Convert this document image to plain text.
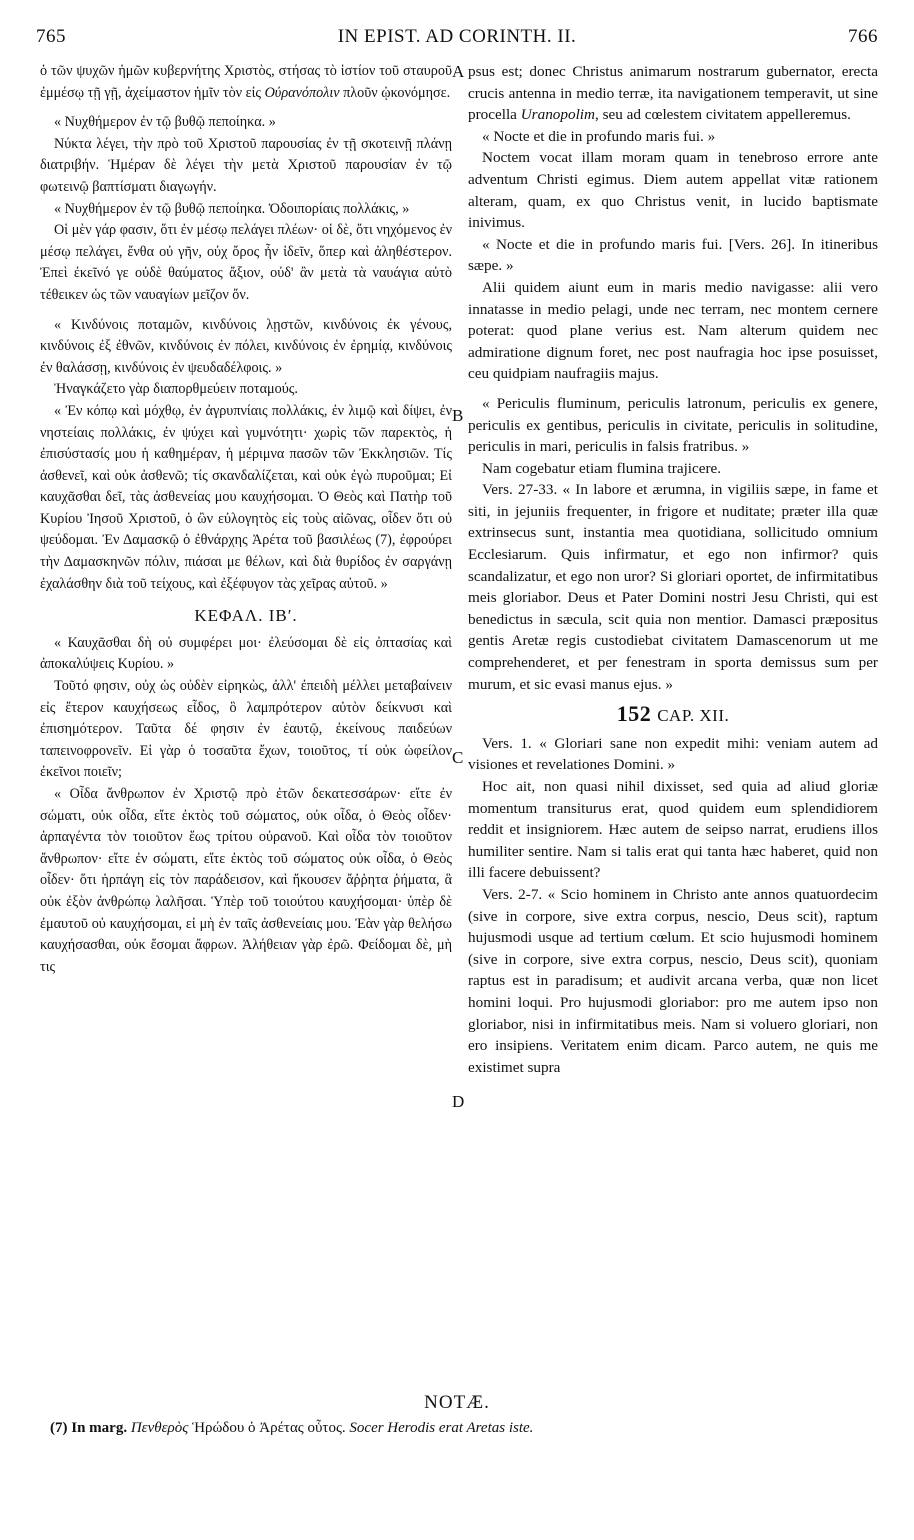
765	IN EPIST. AD CORINTH. II.	766

ὁ τῶν ψυχῶν ἡμῶν κυβερνήτης Χριστὸς, στήσας τὸ ἱστίον τοῦ σταυροῦ ἐμμέσῳ τῇ γῇ, ἀχείμαστον ἡμῖν τὸν εἰς Οὐρανόπολιν πλοῦν ᾠκονόμησε.

« Νυχθήμερον ἐν τῷ βυθῷ πεποίηκα. »

Νύκτα λέγει, τὴν πρὸ τοῦ Χριστοῦ παρουσίας ἐν τῇ σκοτεινῇ πλάνῃ διατριβήν. Ἡμέραν δὲ λέγει τὴν μετὰ Χριστοῦ παρουσίαν ἐν τῷ φωτεινῷ βαπτίσματι διαγωγήν.

« Νυχθήμερον ἐν τῷ βυθῷ πεποίηκα. Ὁδοιπορίαις πολλάκις, »

Οἱ μὲν γάρ φασιν, ὅτι ἐν μέσῳ πελάγει πλέων· οἱ δὲ, ὅτι νηχόμενος ἐν μέσῳ πελάγει, ἔνθα οὐ γῆν, οὐχ ὄρος ἦν ἰδεῖν, ὅπερ καὶ ἀληθέστερον. Ἐπεὶ ἐκεῖνό γε οὐδὲ θαύματος ἄξιον, οὐδ' ἂν μετὰ τὰ ναυάγια αὐτὸ τέθεικεν ὡς τῶν ναυαγίων μεῖζον ὄν.

« Κινδύνοις ποταμῶν, κινδύνοις λῃστῶν, κινδύνοις ἐκ γένους, κινδύνοις ἐξ ἐθνῶν, κινδύνοις ἐν πόλει, κινδύνοις ἐν ἐρημίᾳ, κινδύνοις ἐν θαλάσσῃ, κινδύνοις ἐν ψευδαδέλφοις. »

Ἠναγκάζετο γὰρ διαπορθμεύειν ποταμούς.

« Ἐν κόπῳ καὶ μόχθῳ, ἐν ἀγρυπνίαις πολλάκις, ἐν λιμῷ καὶ δίψει, ἐν νηστείαις πολλάκις, ἐν ψύχει καὶ γυμνότητι· χωρὶς τῶν παρεκτὸς, ἡ ἐπισύστασίς μου ἡ καθημέραν, ἡ μέριμνα πασῶν τῶν Ἐκκλησιῶν. Τίς ἀσθενεῖ, καὶ οὐκ ἀσθενῶ; τίς σκανδαλίζεται, καὶ οὐκ ἐγὼ πυροῦμαι; Εἰ καυχᾶσθαι δεῖ, τὰς ἀσθενείας μου καυχήσομαι. Ὁ Θεὸς καὶ Πατὴρ τοῦ Κυρίου Ἰησοῦ Χριστοῦ, ὁ ὢν εὐλογητὸς εἰς τοὺς αἰῶνας, οἶδεν ὅτι οὐ ψεύδομαι. Ἐν Δαμασκῷ ὁ ἐθνάρχης Ἀρέτα τοῦ βασιλέως (7), ἐφρούρει τὴν Δαμασκηνῶν πόλιν, πιάσαι με θέλων, καὶ διὰ θυρίδος ἐν σαργάνῃ ἐχαλάσθην διὰ τοῦ τείχους, καὶ ἐξέφυγον τὰς χεῖρας αὐτοῦ. »

ΚΕΦΑΛ. ΙΒʹ.

« Καυχᾶσθαι δὴ οὐ συμφέρει μοι· ἐλεύσομαι δὲ εἰς ὀπτασίας καὶ ἀποκαλύψεις Κυρίου. »

Τοῦτό φησιν, οὐχ ὡς οὐδὲν εἰρηκὼς, ἀλλ' ἐπειδὴ μέλλει μεταβαίνειν εἰς ἕτερον καυχήσεως εἶδος, ὃ λαμπρότερον αὐτὸν δείκνυσι καὶ ἐπισημότερον. Ταῦτα δέ φησιν ἐν ἑαυτῷ, ἐκείνους παιδεύων ταπεινοφρονεῖν. Εἰ γὰρ ὁ τοσαῦτα ἔχων, τοιοῦτος, τί οὐκ ὠφείλον ἐκεῖνοι ποιεῖν;

« Οἶδα ἄνθρωπον ἐν Χριστῷ πρὸ ἐτῶν δεκατεσσάρων· εἴτε ἐν σώματι, οὐκ οἶδα, εἴτε ἐκτὸς τοῦ σώματος, οὐκ οἶδα, ὁ Θεὸς οἶδεν· ἁρπαγέντα τὸν τοιοῦτον ἕως τρίτου οὐρανοῦ. Καὶ οἶδα τὸν τοιοῦτον ἄνθρωπον· εἴτε ἐν σώματι, εἴτε ἐκτὸς τοῦ σώματος οὐκ οἶδα, ὁ Θεὸς οἶδεν· ὅτι ἡρπάγη εἰς τὸν παράδεισον, καὶ ἤκουσεν ἄῤῥητα ῥήματα, ἃ οὐκ ἐξὸν ἀνθρώπῳ λαλῆσαι. Ὑπὲρ τοῦ τοιούτου καυχήσομαι· ὑπὲρ δὲ ἐμαυτοῦ οὐ καυχήσομαι, εἰ μὴ ἐν ταῖς ἀσθενείαις μου. Ἐὰν γὰρ θελήσω καυχήσασθαι, οὐκ ἔσομαι ἄφρων. Ἀλήθειαν γὰρ ἐρῶ. Φείδομαι δὲ, μὴ τις

A
B
C
D

psus est; donec Christus animarum nostrarum gubernator, erecta crucis antenna in medio terræ, ita navigationem temperavit, ut sine procella Uranopolim, seu ad cœlestem civitatem appelleremus.

« Nocte et die in profundo maris fui. »

Noctem vocat illam moram quam in tenebroso errore ante adventum Christi egimus. Diem autem appellat vitæ rationem alteram, quam, ex quo Christus venit, in lucido baptismate inivimus.

« Nocte et die in profundo maris fui. [Vers. 26]. In itineribus sæpe. »

Alii quidem aiunt eum in maris medio navigasse: alii vero innatasse in medio pelagi, unde nec terram, nec montem cernere poterat: quod plane verius est. Nam alterum quidem nec admiratione dignum foret, nec post naufragia hoc ipse posuisset, ceu quidpiam naufragiis majus.

« Periculis fluminum, periculis latronum, periculis ex genere, periculis ex gentibus, periculis in civitate, periculis in solitudine, periculis in mari, periculis in falsis fratribus. »

Nam cogebatur etiam flumina trajicere.

Vers. 27-33. « In labore et ærumna, in vigiliis sæpe, in fame et siti, in jejuniis frequenter, in frigore et nuditate; præter illa quæ extrinsecus sunt, instantia mea quotidiana, sollicitudo omnium Ecclesiarum. Quis infirmatur, et ego non infirmor? quis scandalizatur, et ego non uror? Si gloriari oportet, de infirmitatibus meis gloriabor. Deus et Pater Domini nostri Jesu Christi, qui est benedictus in sæcula, scit quia non mentior. Damasci præpositus gentis Aretæ regis custodiebat civitatem Damascenorum ut me comprehenderet, et per fenestram in sporta demissus sum per murum, et sic evasi manus ejus. »

152 CAP. XII.

Vers. 1. « Gloriari sane non expedit mihi: veniam autem ad visiones et revelationes Domini. »

Hoc ait, non quasi nihil dixisset, sed quia ad aliud gloriæ momentum transiturus erat, quod quidem eum splendidiorem reddit et insigniorem. Hæc autem de seipso narrat, erudiens illos humiliter sentire. Nam si talis erat qui tanta hæc haberet, quid non illi facere debuissent?

Vers. 2-7. « Scio hominem in Christo ante annos quatuordecim (sive in corpore, sive extra corpus, nescio, Deus scit), raptum hujusmodi usque ad tertium cœlum. Et scio hujusmodi hominem (sive in corpore, sive extra corpus, nescio, Deus scit), quoniam raptus est in paradisum; et audivit arcana verba, quæ non licet homini loqui. Pro hujusmodi gloriabor: pro me autem ipso non gloriabor, nisi in infirmitatibus meis. Nam si voluero gloriari, non ero insipiens. Veritatem enim dicam. Parco autem, ne quis me existimet supra

NOTÆ.
(7) In marg. Πενθερὸς Ἡρώδου ὁ Ἀρέτας οὗτος. Socer Herodis erat Aretas iste.
